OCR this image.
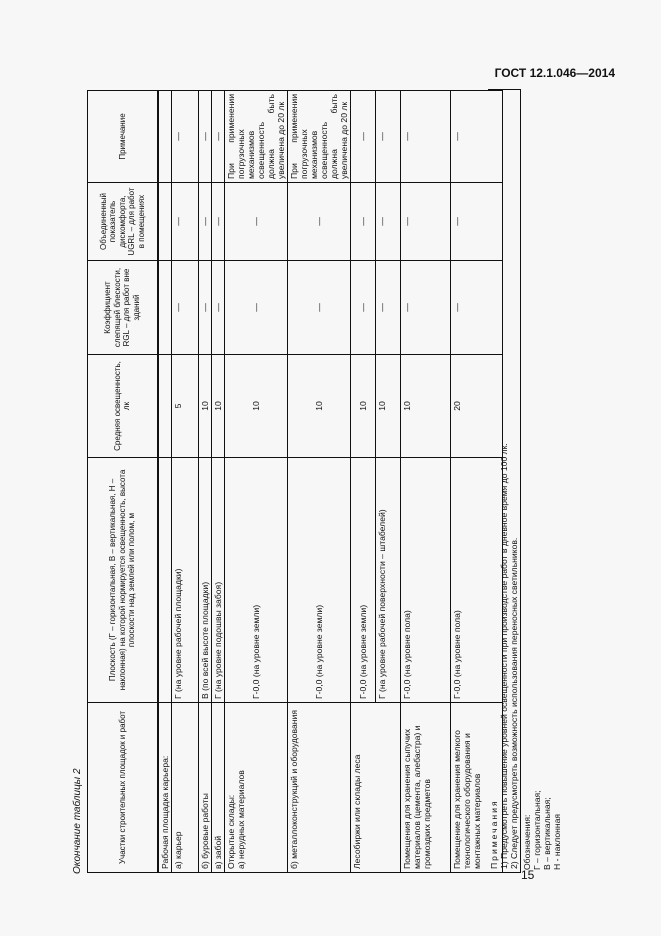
ГОСТ 12.1.046—2014
Окончание таблицы 2	Участки строительных площадок и работ	Плоскость (Г – горизонтальная, В – вертикальная, Н – наклонная) на которой нормируется освещенность, высота плоскости над землей или полом, м	Средняя освещенность, лк	Коэффициент слепящей блескости, RGL – для работ вне зданий	Объединенный показатель дискомфорта, UGRL – для работ в помещениях	Примечание
Рабочая площадка карьера:					
а) карьер	Г (на уровне рабочей площадки)	5	—	—	—
б) буровые работы	В (по всей высоте площадки)	10	—	—	—
в) забой	Г (на уровне подошвы забоя)	10	—	—	—

Открытые склады: а) нерудных материалов	Г-0,0 (на уровне земли)	10	—	—	При применении погрузочных механизмов освещенность должна быть увеличена до 20 лк
б) металлоконструкций и оборудования	Г-0,0 (на уровне земли)	10	—	—	При применении погрузочных механизмов освещенность должна быть увеличена до 20 лк
Лесобиржи или склады леса	Г-0,0 (на уровне земли)	10	—	—	—
	Г (на уровне рабочей поверхности – штабелей)	10	—	—	—
Помещения для хранения сыпучих материалов (цемента, алебастра) и громоздких предметов	Г-0,0 (на уровне пола)	10	—	—	—
Помещение для хранения мелкого технологического оборудования и монтажных материалов	Г-0,0 (на уровне пола)	20	—	—	—
Примечания 1) Предусмотреть повышение уровней освещенности при производстве работ в дневное время до 100 лк. 2) Следует предусмотреть возможность использования переносных светильников. Обозначения: Г – горизонтальная; В – вертикальная; Н - наклонная
15
